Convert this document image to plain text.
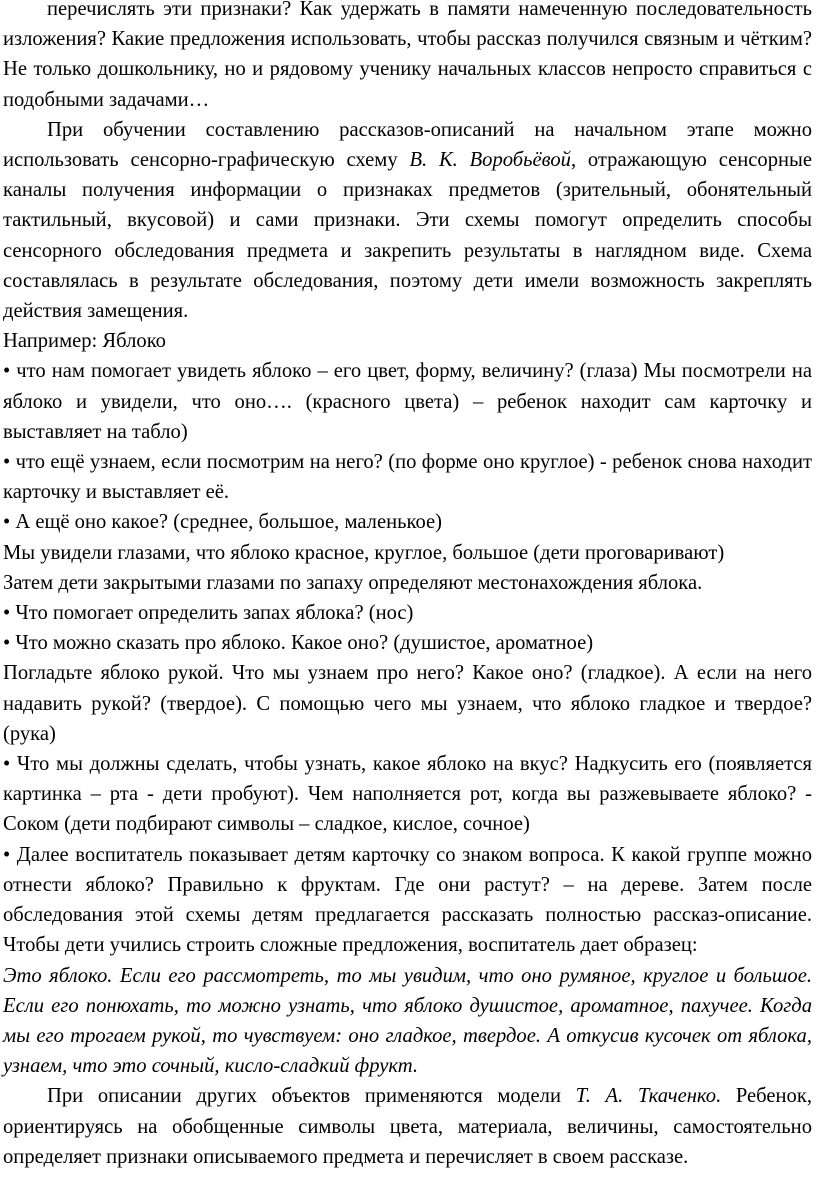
перечислять эти признаки? Как удержать в памяти намеченную последовательность изложения? Какие предложения использовать, чтобы рассказ получился связным и чётким? Не только дошкольнику, но и рядовому ученику начальных классов непросто справиться с подобными задачами…

При обучении составлению рассказов-описаний на начальном этапе можно использовать сенсорно-графическую схему В. К. Воробьёвой, отражающую сенсорные каналы получения информации о признаках предметов (зрительный, обонятельный тактильный, вкусовой) и сами признаки. Эти схемы помогут определить способы сенсорного обследования предмета и закрепить результаты в наглядном виде. Схема составлялась в результате обследования, поэтому дети имели возможность закреплять действия замещения.

Например: Яблоко

• что нам помогает увидеть яблоко – его цвет, форму, величину? (глаза) Мы посмотрели на яблоко и увидели, что оно…. (красного цвета) – ребенок находит сам карточку и выставляет на табло)

• что ещё узнаем, если посмотрим на него? (по форме оно круглое) - ребенок снова находит карточку и выставляет её.

• А ещё оно какое? (среднее, большое, маленькое)

Мы увидели глазами, что яблоко красное, круглое, большое (дети проговаривают)

Затем дети закрытыми глазами по запаху определяют местонахождения яблока.

• Что помогает определить запах яблока? (нос)

• Что можно сказать про яблоко. Какое оно? (душистое, ароматное)

Погладьте яблоко рукой. Что мы узнаем про него? Какое оно? (гладкое). А если на него надавить рукой? (твердое). С помощью чего мы узнаем, что яблоко гладкое и твердое? (рука)

• Что мы должны сделать, чтобы узнать, какое яблоко на вкус? Надкусить его (появляется картинка – рта - дети пробуют). Чем наполняется рот, когда вы разжевываете яблоко? - Соком (дети подбирают символы – сладкое, кислое, сочное)

• Далее воспитатель показывает детям карточку со знаком вопроса. К какой группе можно отнести яблоко? Правильно к фруктам. Где они растут? – на дереве. Затем после обследования этой схемы детям предлагается рассказать полностью рассказ-описание. Чтобы дети учились строить сложные предложения, воспитатель дает образец:

Это яблоко. Если его рассмотреть, то мы увидим, что оно румяное, круглое и большое. Если его понюхать, то можно узнать, что яблоко душистое, ароматное, пахучее. Когда мы его трогаем рукой, то чувствуем: оно гладкое, твердое. А откусив кусочек от яблока, узнаем, что это сочный, кисло-сладкий фрукт.

При описании других объектов применяются модели Т. А. Ткаченко. Ребенок, ориентируясь на обобщенные символы цвета, материала, величины, самостоятельно определяет признаки описываемого предмета и перечисляет в своем рассказе.
